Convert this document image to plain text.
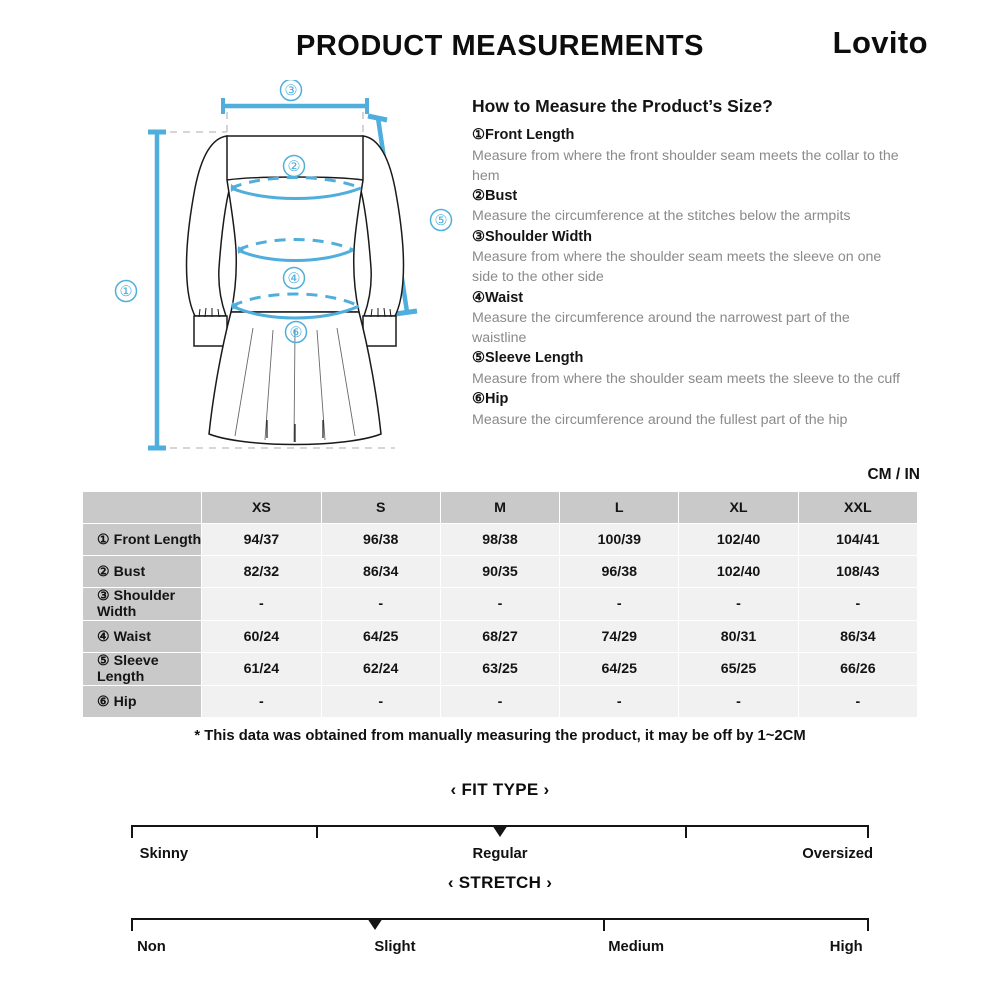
PRODUCT MEASUREMENTS	Lovito
③
②
④
⑥
①
⑤
How to Measure the Product’s Size?
①Front Length
Measure from where the front shoulder seam meets the collar to the hem
②Bust
Measure the circumference at the stitches below the armpits
③Shoulder Width
Measure from where the shoulder seam meets the sleeve on one side to the other side
④Waist
Measure the circumference around the narrowest part of the waistline
⑤Sleeve Length
Measure from where the shoulder seam meets the sleeve to the cuff
⑥Hip
Measure the circumference around the fullest part of the hip
CM / IN
	XS	S	M	L	XL	XXL
① Front Length	94/37	96/38	98/38	100/39	102/40	104/41
② Bust	82/32	86/34	90/35	96/38	102/40	108/43
③ Shoulder Width	-	-	-	-	-	-
④ Waist	60/24	64/25	68/27	74/29	80/31	86/34
⑤ Sleeve Length	61/24	62/24	63/25	64/25	65/25	66/26
⑥ Hip	-	-	-	-	-	-
* This data was obtained from manually measuring the product, it may be off by 1~2CM
‹ FIT TYPE ›
Skinny	Regular	Oversized
‹ STRETCH ›
Non	Slight	Medium	High
